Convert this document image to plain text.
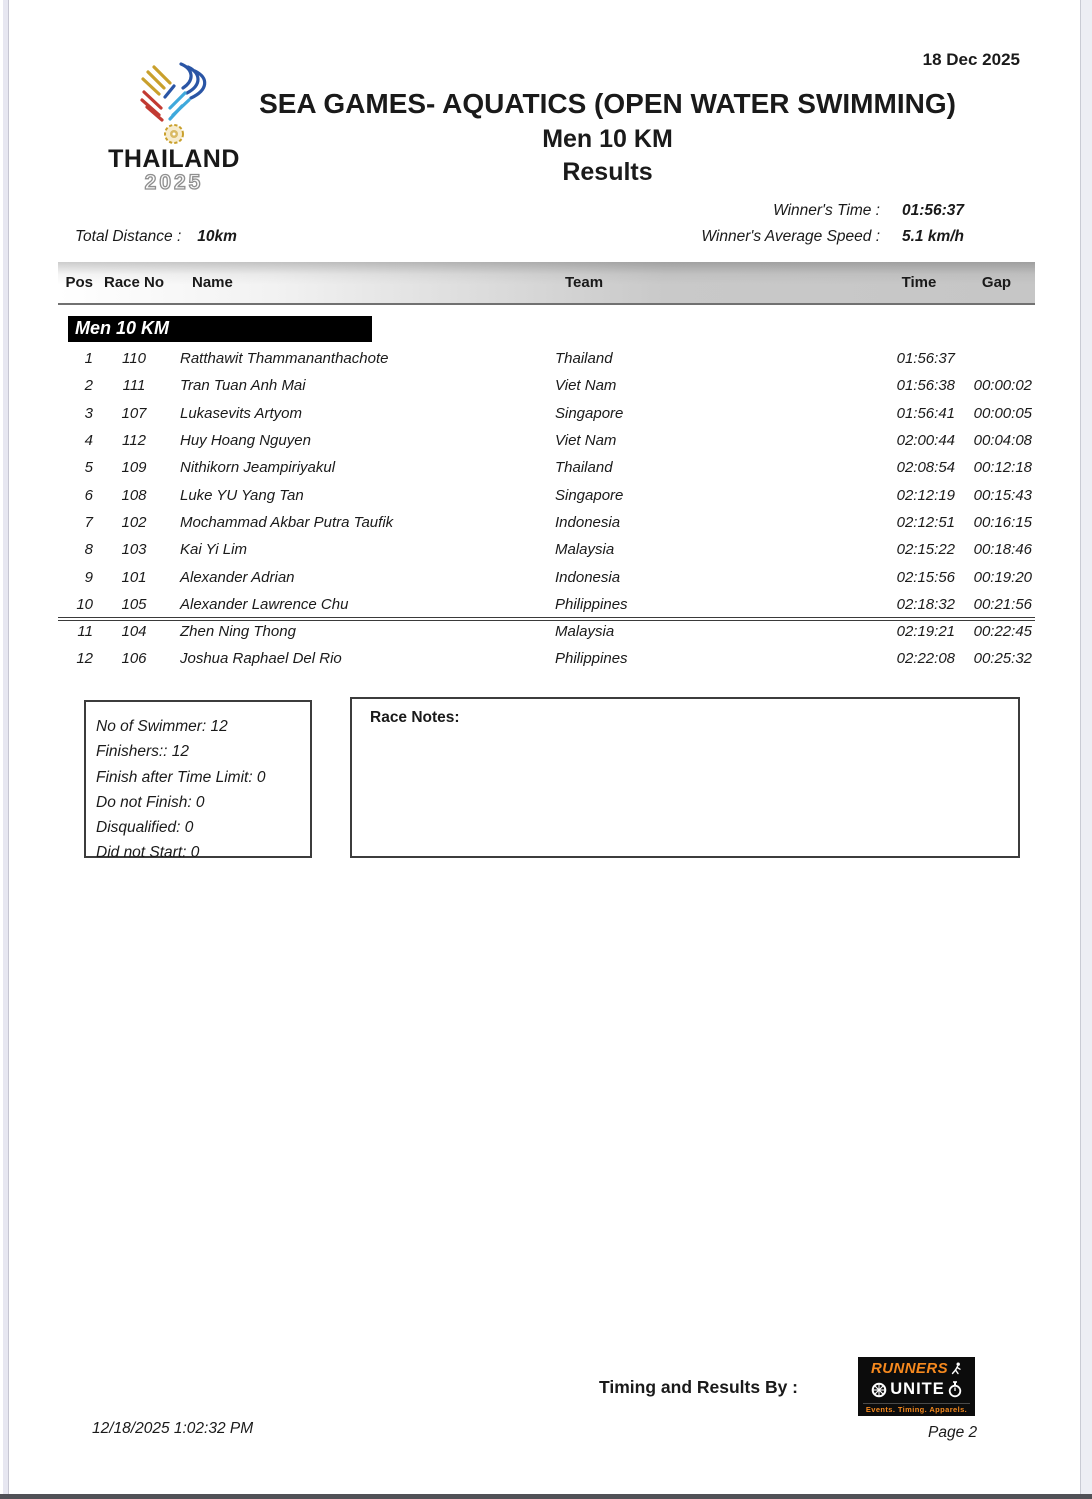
18 Dec 2025
THAILAND
2025
SEA GAMES- AQUATICS (OPEN WATER SWIMMING)
Men 10 KM
Results
Winner's Time : 01:56:37
Winner's Average Speed : 5.1 km/h
Total Distance : 10km
Pos Race No	Name	Team	Time	Gap
Men 10 KM
1	110	Ratthawit Thammananthachote	Thailand	01:56:37
2	111	Tran Tuan Anh Mai	Viet Nam	01:56:38	00:00:02
3	107	Lukasevits Artyom	Singapore	01:56:41	00:00:05
4	112	Huy Hoang Nguyen	Viet Nam	02:00:44	00:04:08
5	109	Nithikorn Jeampiriyakul	Thailand	02:08:54	00:12:18
6	108	Luke YU Yang Tan	Singapore	02:12:19	00:15:43
7	102	Mochammad Akbar Putra Taufik	Indonesia	02:12:51	00:16:15
8	103	Kai Yi Lim	Malaysia	02:15:22	00:18:46
9	101	Alexander Adrian	Indonesia	02:15:56	00:19:20
10	105	Alexander Lawrence Chu	Philippines	02:18:32	00:21:56
11	104	Zhen Ning Thong	Malaysia	02:19:21	00:22:45
12	106	Joshua Raphael Del Rio	Philippines	02:22:08	00:25:32
No of Swimmer: 12
Finishers:: 12
Finish after Time Limit: 0
Do not Finish: 0
Disqualified: 0
Did not Start: 0
Race Notes:
Timing and Results By :
RUNNERS
UNITE
Events. Timing. Apparels.
12/18/2025 1:02:32 PM	Page 2
